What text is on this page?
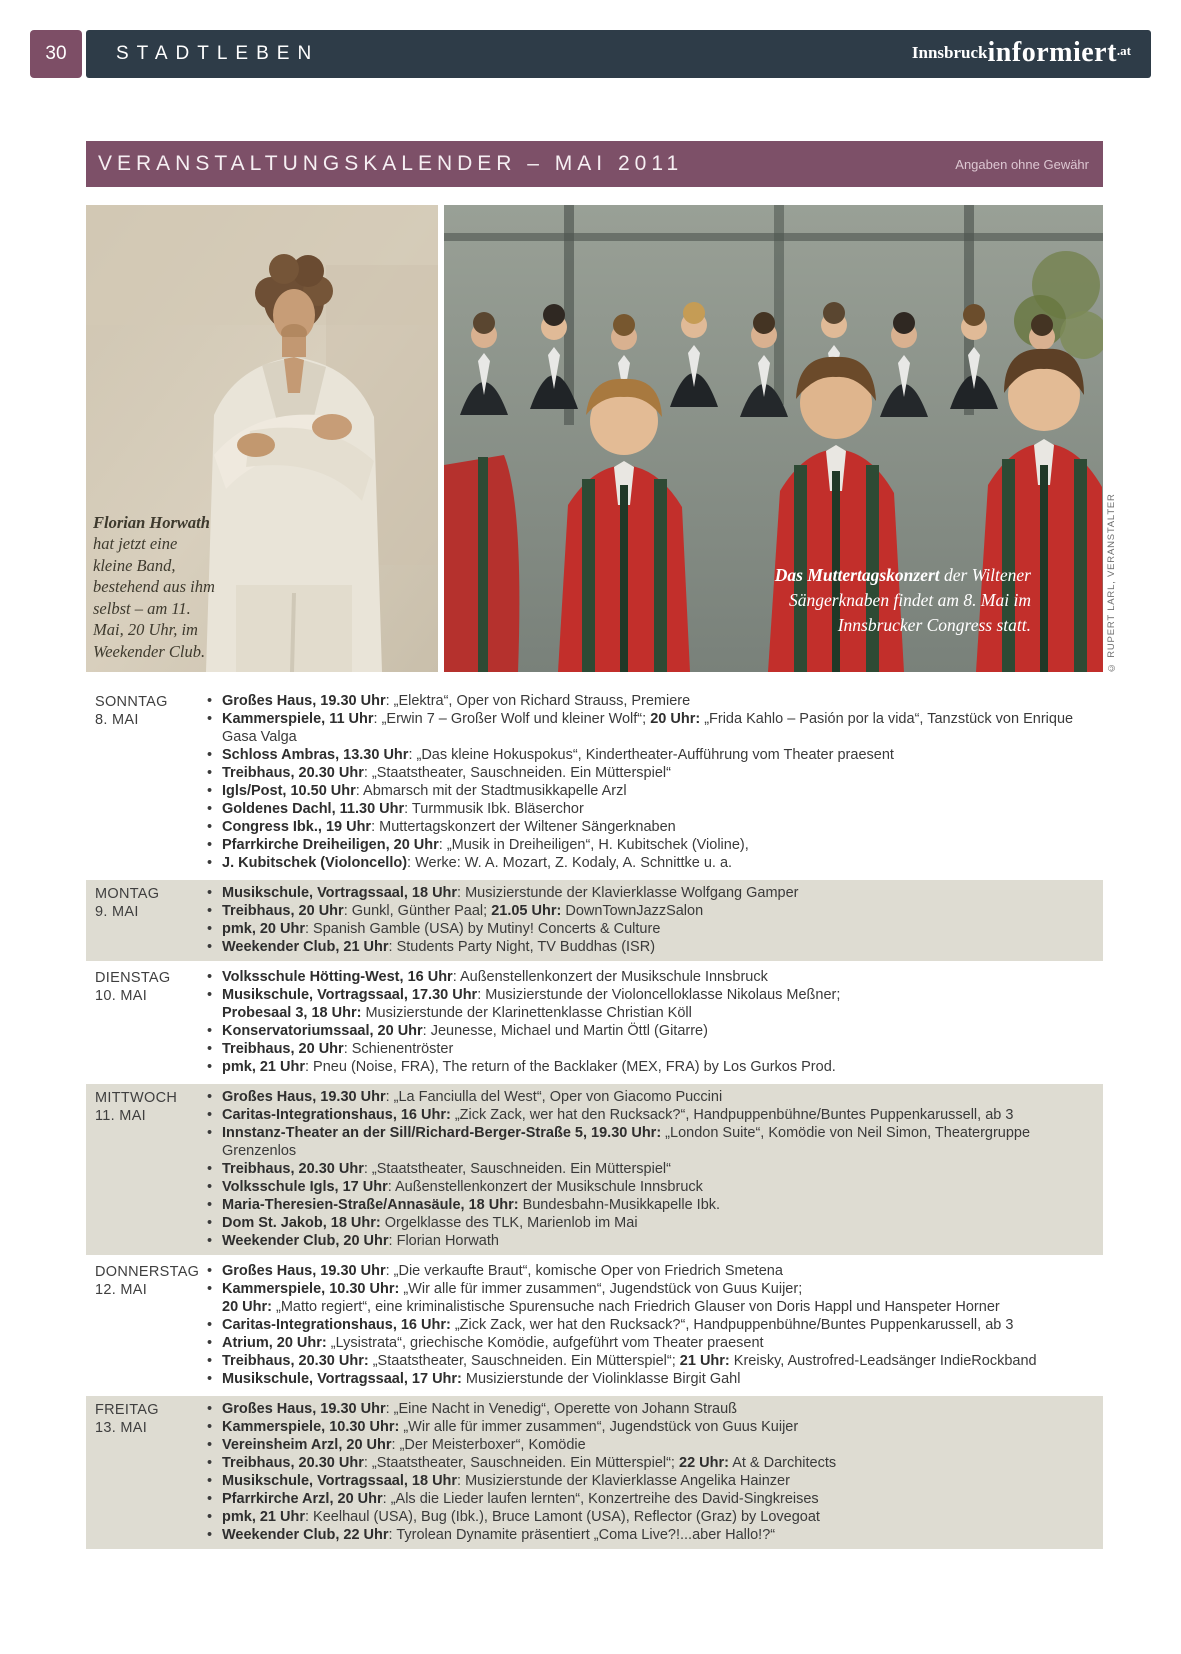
30	STADTLEBEN	Innsbruck informiert .at
VERANSTALTUNGSKALENDER – MAI 2011	Angaben ohne Gewähr
Florian Horwath hat jetzt eine kleine Band, bestehend aus ihm selbst – am 11. Mai, 20 Uhr, im Weekender Club.
Das Muttertagskonzert der Wiltener Sängerknaben findet am 8. Mai im Innsbrucker Congress statt.	© RUPERT LARL, VERANSTALTER
SONNTAG
8. MAI
• Großes Haus, 19.30 Uhr: „Elektra“, Oper von Richard Strauss, Premiere
• Kammerspiele, 11 Uhr: „Erwin 7 – Großer Wolf und kleiner Wolf“; 20 Uhr: „Frida Kahlo – Pasión por la vida“, Tanzstück von Enrique Gasa Valga
• Schloss Ambras, 13.30 Uhr: „Das kleine Hokuspokus“, Kindertheater-Aufführung vom Theater praesent
• Treibhaus, 20.30 Uhr: „Staatstheater, Sauschneiden. Ein Mütterspiel“
• Igls/Post, 10.50 Uhr: Abmarsch mit der Stadtmusikkapelle Arzl
• Goldenes Dachl, 11.30 Uhr: Turmmusik Ibk. Bläserchor
• Congress Ibk., 19 Uhr: Muttertagskonzert der Wiltener Sängerknaben
• Pfarrkirche Dreiheiligen, 20 Uhr: „Musik in Dreiheiligen“, H. Kubitschek (Violine),
• J. Kubitschek (Violoncello): Werke: W. A. Mozart, Z. Kodaly, A. Schnittke u. a.
MONTAG
9. MAI
• Musikschule, Vortragssaal, 18 Uhr: Musizierstunde der Klavierklasse Wolfgang Gamper
• Treibhaus, 20 Uhr: Gunkl, Günther Paal; 21.05 Uhr: DownTownJazzSalon
• pmk, 20 Uhr: Spanish Gamble (USA) by Mutiny! Concerts & Culture
• Weekender Club, 21 Uhr: Students Party Night, TV Buddhas (ISR)
DIENSTAG
10. MAI
• Volksschule Hötting-West, 16 Uhr: Außenstellenkonzert der Musikschule Innsbruck
• Musikschule, Vortragssaal, 17.30 Uhr: Musizierstunde der Violoncelloklasse Nikolaus Meßner;
Probesaal 3, 18 Uhr: Musizierstunde der Klarinettenklasse Christian Köll
• Konservatoriumssaal, 20 Uhr: Jeunesse, Michael und Martin Öttl (Gitarre)
• Treibhaus, 20 Uhr: Schienentröster
• pmk, 21 Uhr: Pneu (Noise, FRA), The return of the Backlaker (MEX, FRA) by Los Gurkos Prod.
MITTWOCH
11. MAI
• Großes Haus, 19.30 Uhr: „La Fanciulla del West“, Oper von Giacomo Puccini
• Caritas-Integrationshaus, 16 Uhr: „Zick Zack, wer hat den Rucksack?“, Handpuppenbühne/Buntes Puppenkarussell, ab 3
• Innstanz-Theater an der Sill/Richard-Berger-Straße 5, 19.30 Uhr: „London Suite“, Komödie von Neil Simon, Theatergruppe Grenzenlos
• Treibhaus, 20.30 Uhr: „Staatstheater, Sauschneiden. Ein Mütterspiel“
• Volksschule Igls, 17 Uhr: Außenstellenkonzert der Musikschule Innsbruck
• Maria-Theresien-Straße/Annasäule, 18 Uhr: Bundesbahn-Musikkapelle Ibk.
• Dom St. Jakob, 18 Uhr: Orgelklasse des TLK, Marienlob im Mai
• Weekender Club, 20 Uhr: Florian Horwath
DONNERSTAG
12. MAI
• Großes Haus, 19.30 Uhr: „Die verkaufte Braut“, komische Oper von Friedrich Smetena
• Kammerspiele, 10.30 Uhr: „Wir alle für immer zusammen“, Jugendstück von Guus Kuijer;
20 Uhr: „Matto regiert“, eine kriminalistische Spurensuche nach Friedrich Glauser von Doris Happl und Hanspeter Horner
• Caritas-Integrationshaus, 16 Uhr: „Zick Zack, wer hat den Rucksack?“, Handpuppenbühne/Buntes Puppenkarussell, ab 3
• Atrium, 20 Uhr: „Lysistrata“, griechische Komödie, aufgeführt vom Theater praesent
• Treibhaus, 20.30 Uhr: „Staatstheater, Sauschneiden. Ein Mütterspiel“; 21 Uhr: Kreisky, Austrofred-Leadsänger IndieRockband
• Musikschule, Vortragssaal, 17 Uhr: Musizierstunde der Violinklasse Birgit Gahl
FREITAG
13. MAI
• Großes Haus, 19.30 Uhr: „Eine Nacht in Venedig“, Operette von Johann Strauß
• Kammerspiele, 10.30 Uhr: „Wir alle für immer zusammen“, Jugendstück von Guus Kuijer
• Vereinsheim Arzl, 20 Uhr: „Der Meisterboxer“, Komödie
• Treibhaus, 20.30 Uhr: „Staatstheater, Sauschneiden. Ein Mütterspiel“; 22 Uhr: At & Darchitects
• Musikschule, Vortragssaal, 18 Uhr: Musizierstunde der Klavierklasse Angelika Hainzer
• Pfarrkirche Arzl, 20 Uhr: „Als die Lieder laufen lernten“, Konzertreihe des David-Singkreises
• pmk, 21 Uhr: Keelhaul (USA), Bug (Ibk.), Bruce Lamont (USA), Reflector (Graz) by Lovegoat
• Weekender Club, 22 Uhr: Tyrolean Dynamite präsentiert „Coma Live?!...aber Hallo!?“
